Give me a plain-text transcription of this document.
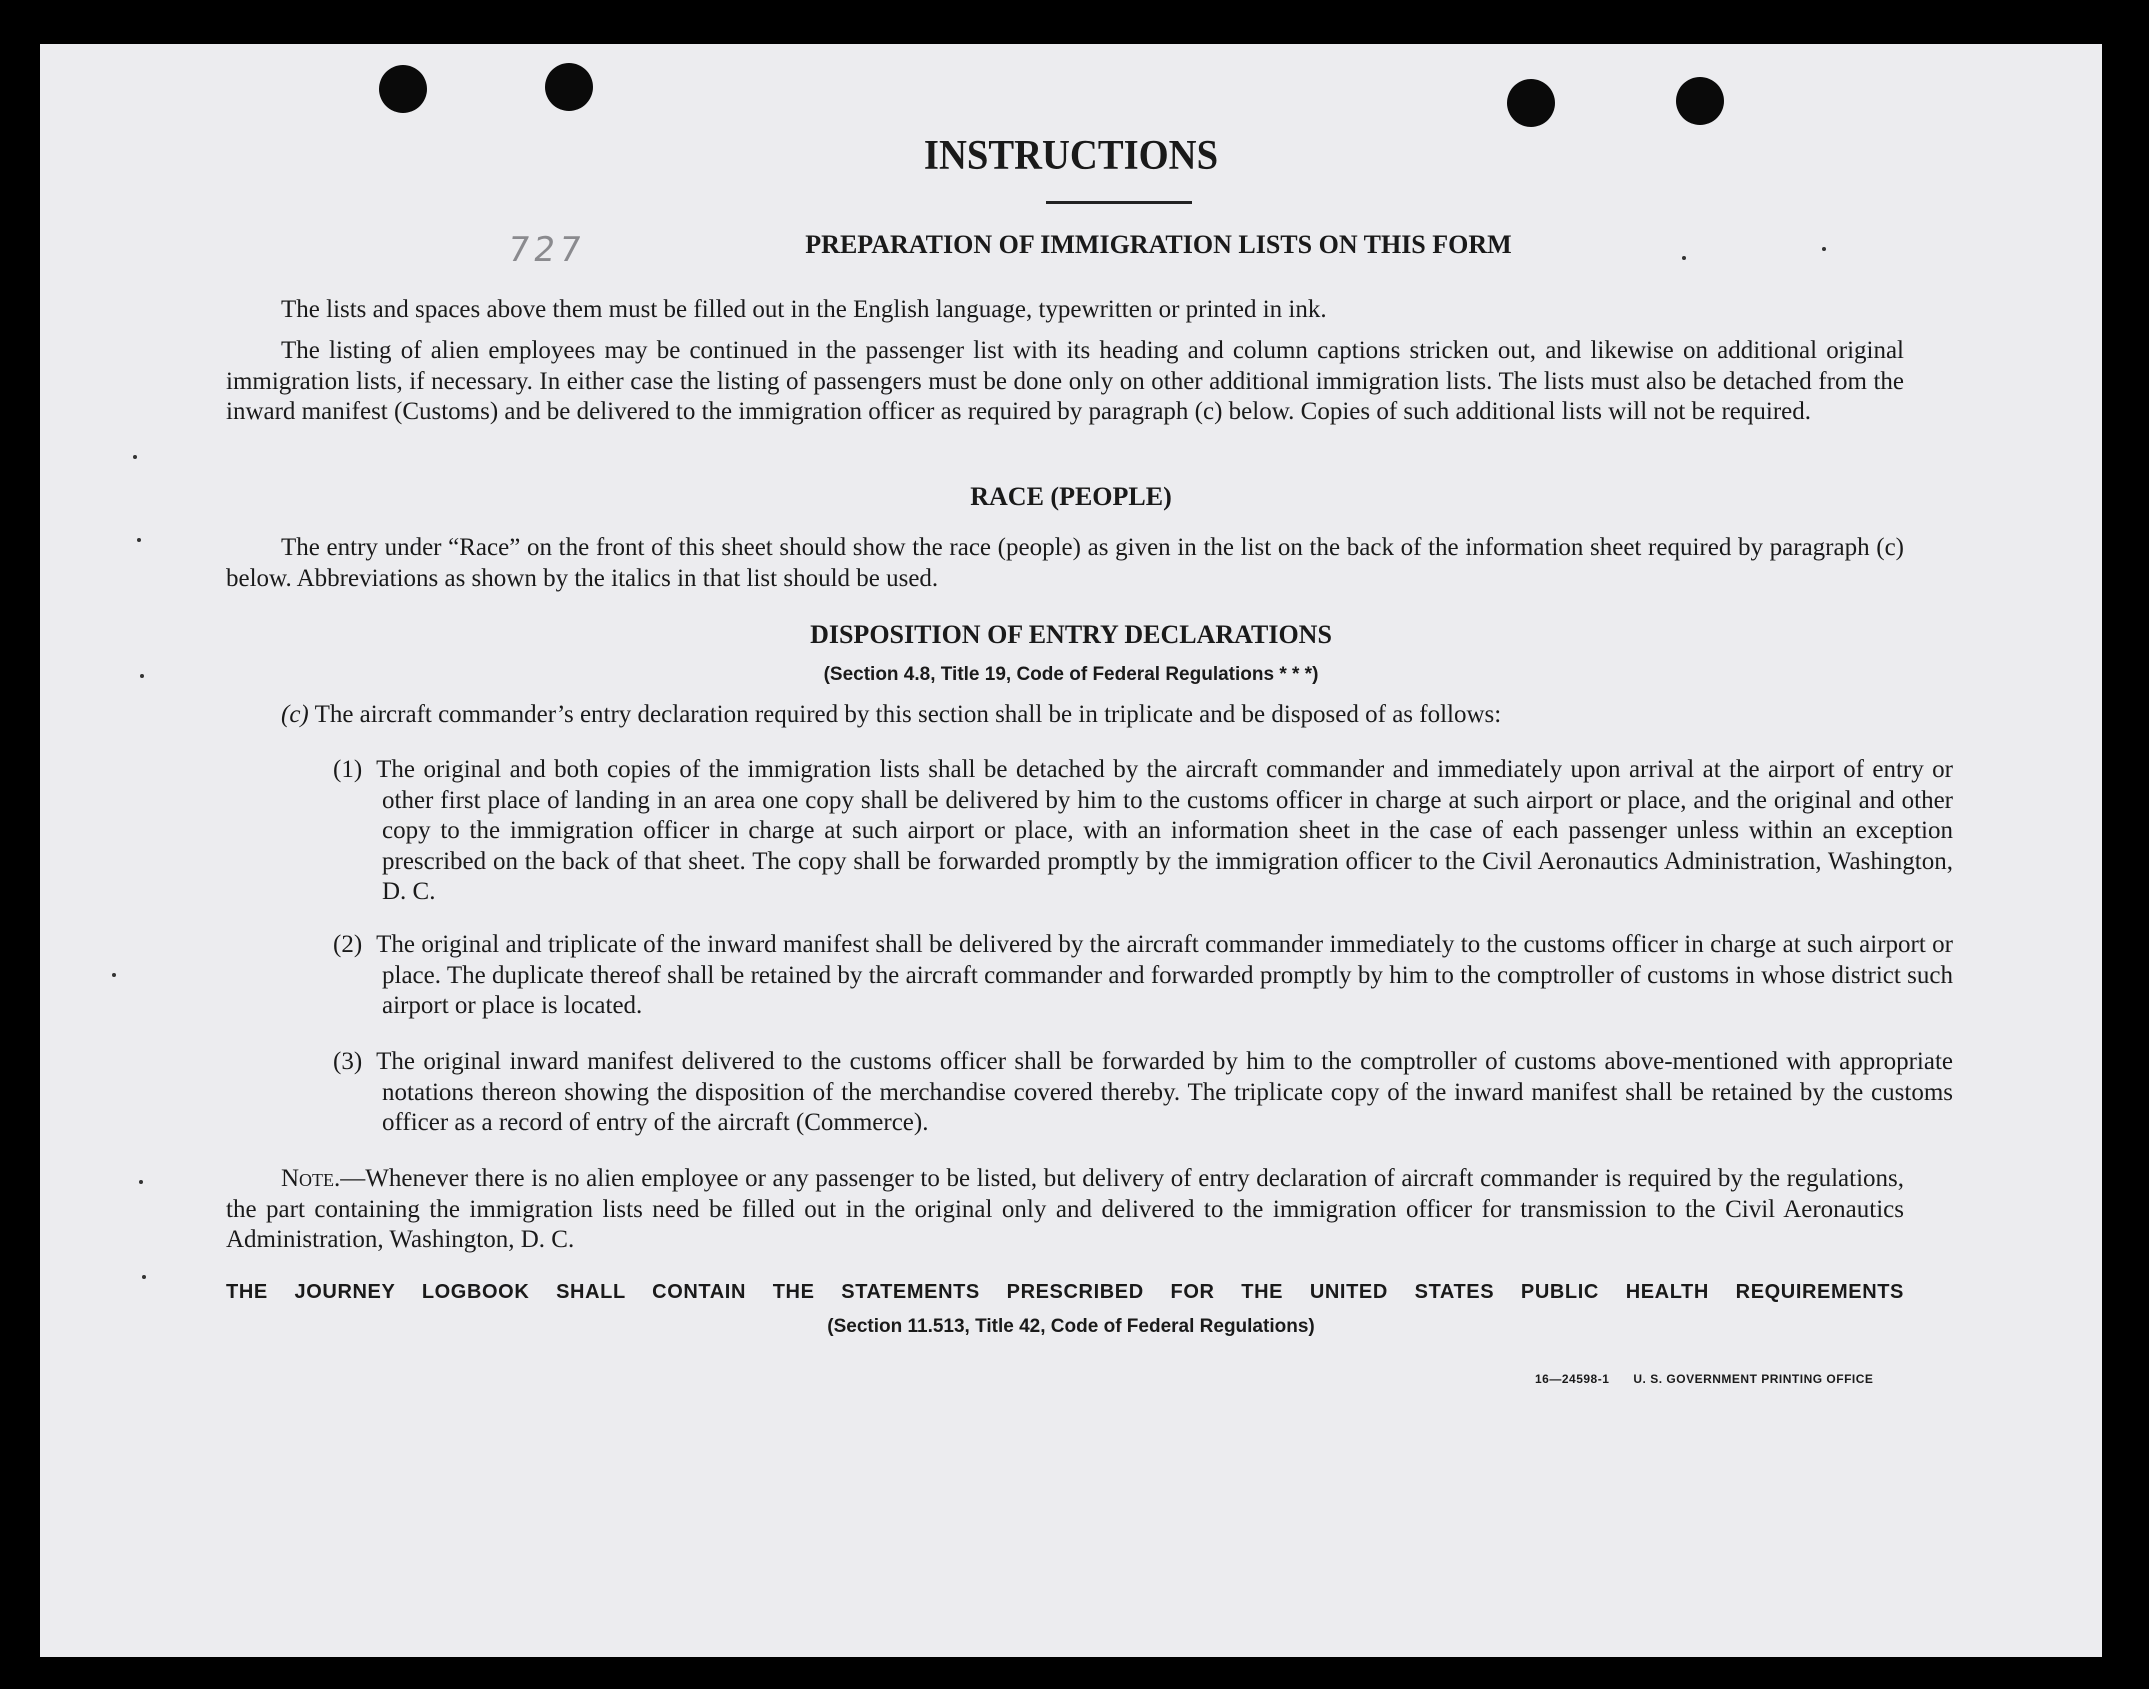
727
INSTRUCTIONS
PREPARATION OF IMMIGRATION LISTS ON THIS FORM
The lists and spaces above them must be filled out in the English language, typewritten or printed in ink.
The listing of alien employees may be continued in the passenger list with its heading and column captions stricken out, and likewise on additional original immigration lists, if necessary. In either case the listing of passengers must be done only on other additional immigration lists. The lists must also be detached from the inward manifest (Customs) and be delivered to the immigration officer as required by paragraph (c) below. Copies of such additional lists will not be required.
RACE (PEOPLE)
The entry under “Race” on the front of this sheet should show the race (people) as given in the list on the back of the information sheet required by paragraph (c) below. Abbreviations as shown by the italics in that list should be used.
DISPOSITION OF ENTRY DECLARATIONS
(Section 4.8, Title 19, Code of Federal Regulations * * *)
(c) The aircraft commander’s entry declaration required by this section shall be in triplicate and be disposed of as follows:
(1) The original and both copies of the immigration lists shall be detached by the aircraft commander and immediately upon arrival at the airport of entry or other first place of landing in an area one copy shall be delivered by him to the customs officer in charge at such airport or place, and the original and other copy to the immigration officer in charge at such airport or place, with an information sheet in the case of each passenger unless within an exception prescribed on the back of that sheet. The copy shall be forwarded promptly by the immigration officer to the Civil Aeronautics Administration, Washington, D. C.
(2) The original and triplicate of the inward manifest shall be delivered by the aircraft commander immediately to the customs officer in charge at such airport or place. The duplicate thereof shall be retained by the aircraft commander and forwarded promptly by him to the comptroller of customs in whose district such airport or place is located.
(3) The original inward manifest delivered to the customs officer shall be forwarded by him to the comptroller of customs above-mentioned with appropriate notations thereon showing the disposition of the merchandise covered thereby. The triplicate copy of the inward manifest shall be retained by the customs officer as a record of entry of the aircraft (Commerce).
Note.—Whenever there is no alien employee or any passenger to be listed, but delivery of entry declaration of aircraft commander is required by the regulations, the part containing the immigration lists need be filled out in the original only and delivered to the immigration officer for transmission to the Civil Aeronautics Administration, Washington, D. C.
THE JOURNEY LOGBOOK SHALL CONTAIN THE STATEMENTS PRESCRIBED FOR THE UNITED STATES PUBLIC HEALTH REQUIREMENTS
(Section 11.513, Title 42, Code of Federal Regulations)
16—24598-1 U. S. GOVERNMENT PRINTING OFFICE
